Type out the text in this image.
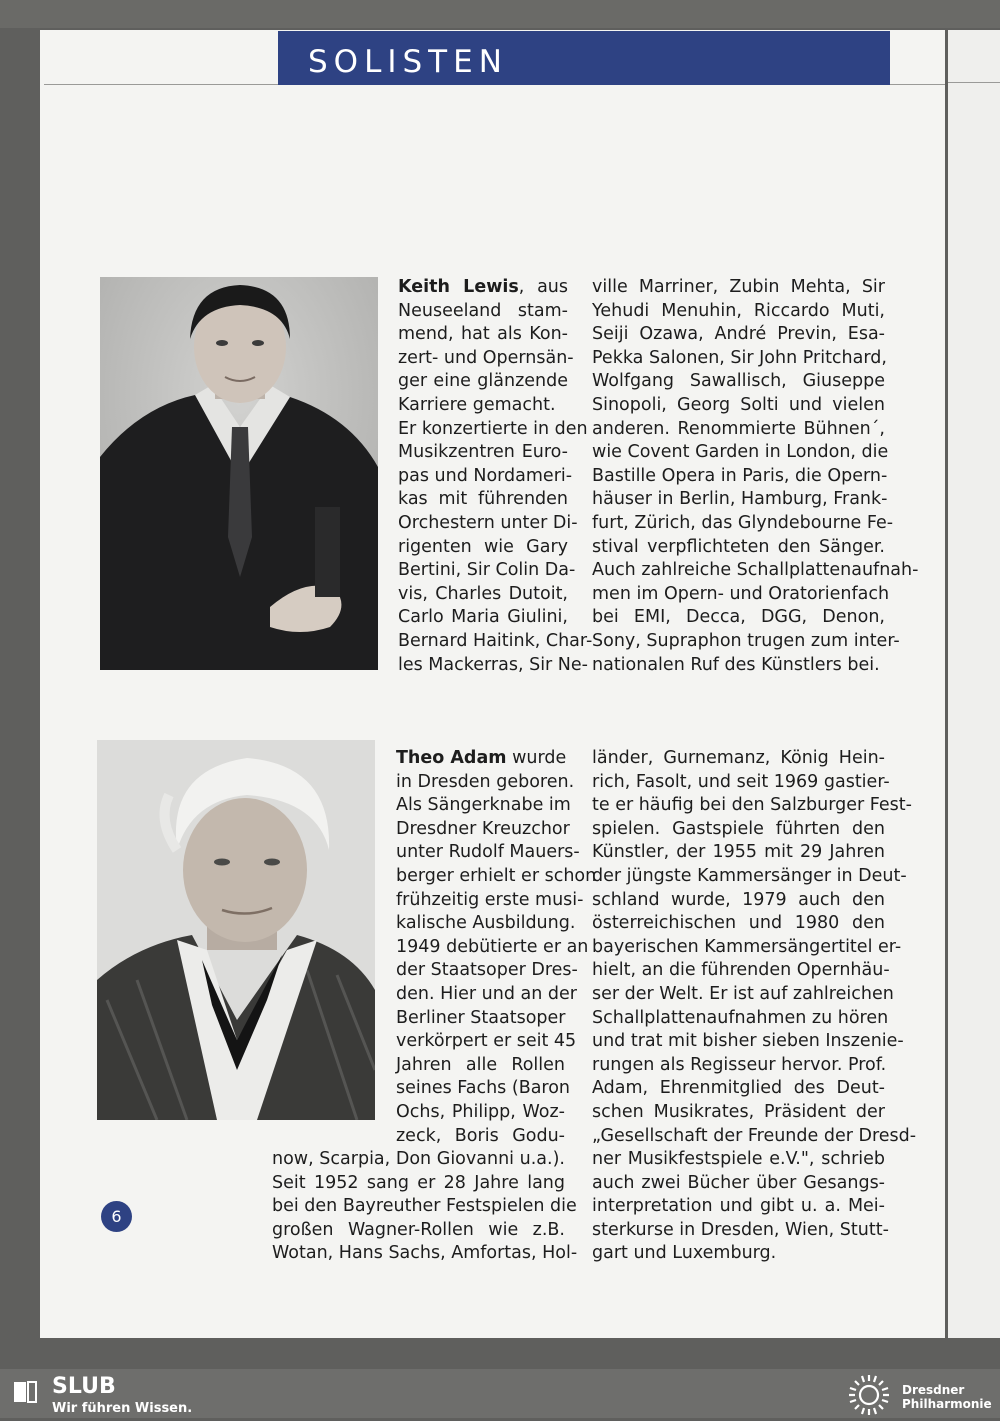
SOLISTEN
Keith Lewis, aus
Neuseeland stam-
mend, hat als Kon-
zert- und Opernsän-
ger eine glänzende
Karriere gemacht.
Er konzertierte in den
Musikzentren Euro-
pas und Nordameri-
kas mit führenden
Orchestern unter Di-
rigenten wie Gary
Bertini, Sir Colin Da-
vis, Charles Dutoit,
Carlo Maria Giulini,
Bernard Haitink, Char-
les Mackerras, Sir Ne-
ville Marriner, Zubin Mehta, Sir
Yehudi Menuhin, Riccardo Muti,
Seiji Ozawa, André Previn, Esa-
Pekka Salonen, Sir John Pritchard,
Wolfgang Sawallisch, Giuseppe
Sinopoli, Georg Solti und vielen
anderen. Renommierte Bühnen´,
wie Covent Garden in London, die
Bastille Opera in Paris, die Opern-
häuser in Berlin, Hamburg, Frank-
furt, Zürich, das Glyndebourne Fe-
stival verpflichteten den Sänger.
Auch zahlreiche Schallplattenaufnah-
men im Opern- und Oratorienfach
bei EMI, Decca, DGG, Denon,
Sony, Supraphon trugen zum inter-
nationalen Ruf des Künstlers bei.
Theo Adam wurde
in Dresden geboren.
Als Sängerknabe im
Dresdner Kreuzchor
unter Rudolf Mauers-
berger erhielt er schon
frühzeitig erste musi-
kalische Ausbildung.
1949 debütierte er an
der Staatsoper Dres-
den. Hier und an der
Berliner Staatsoper
verkörpert er seit 45
Jahren alle Rollen
seines Fachs (Baron
Ochs, Philipp, Woz-
zeck, Boris Godu-
now, Scarpia, Don Giovanni u.a.).
Seit 1952 sang er 28 Jahre lang
bei den Bayreuther Festspielen die
großen Wagner-Rollen wie z.B.
Wotan, Hans Sachs, Amfortas, Hol-
länder, Gurnemanz, König Hein-
rich, Fasolt, und seit 1969 gastier-
te er häufig bei den Salzburger Fest-
spielen. Gastspiele führten den
Künstler, der 1955 mit 29 Jahren
der jüngste Kammersänger in Deut-
schland wurde, 1979 auch den
österreichischen und 1980 den
bayerischen Kammersängertitel er-
hielt, an die führenden Opernhäu-
ser der Welt. Er ist auf zahlreichen
Schallplattenaufnahmen zu hören
und trat mit bisher sieben Inszenie-
rungen als Regisseur hervor. Prof.
Adam, Ehrenmitglied des Deut-
schen Musikrates, Präsident der
„Gesellschaft der Freunde der Dresd-
ner Musikfestspiele e.V.", schrieb
auch zwei Bücher über Gesangs-
interpretation und gibt u. a. Mei-
sterkurse in Dresden, Wien, Stutt-
gart und Luxemburg.
6
SLUB
Wir führen Wissen.
Dresdner
Philharmonie
